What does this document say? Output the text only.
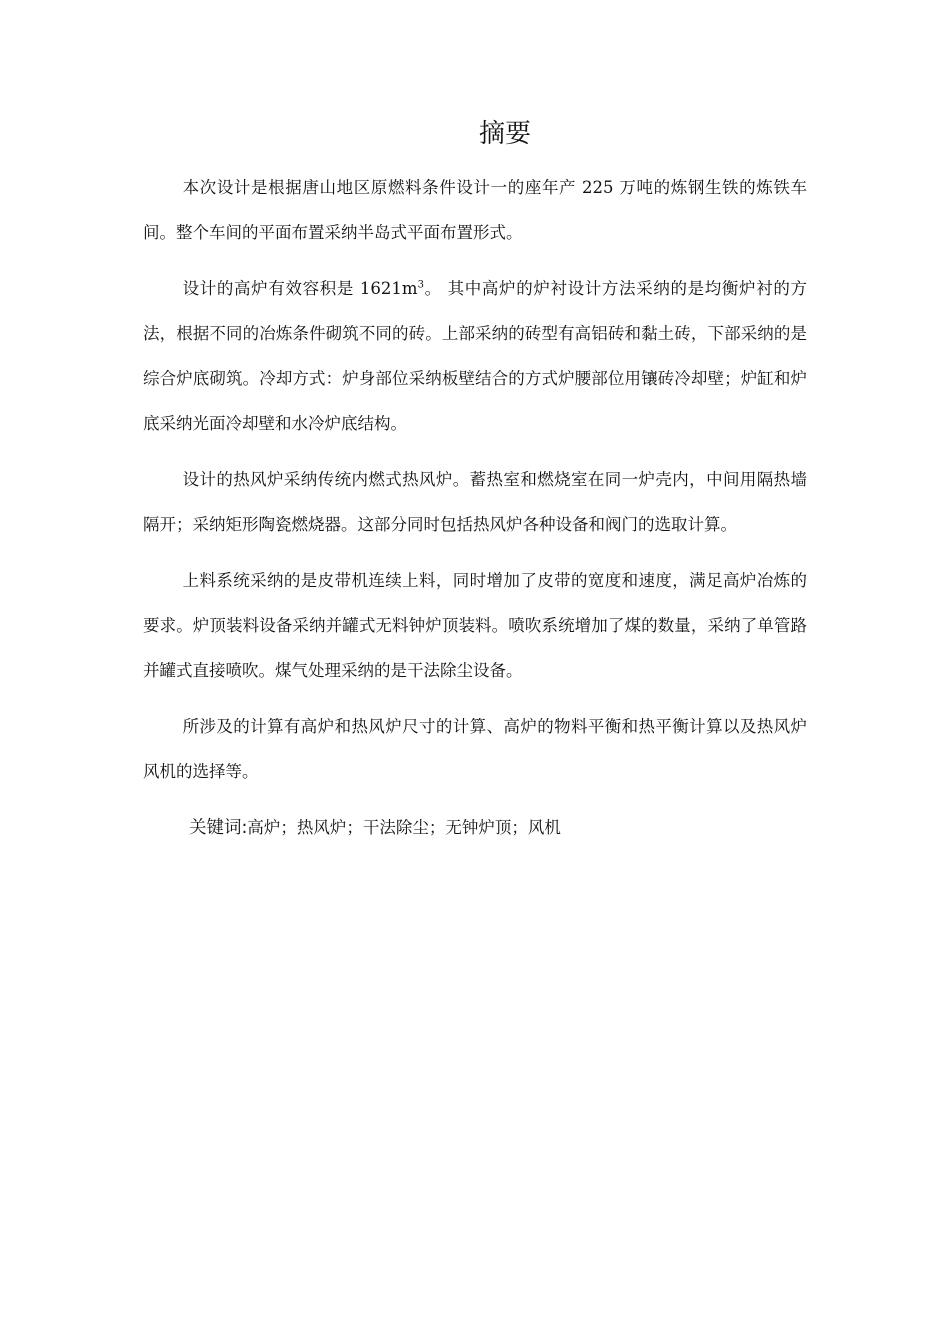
摘要

本次设计是根据唐山地区原燃料条件设计一的座年产 225 万吨的炼钢生铁的炼铁车间。整个车间的平面布置采纳半岛式平面布置形式。

设计的高炉有效容积是 $1621m^3$。 其中高炉的炉衬设计方法采纳的是均衡炉衬的方法，根据不同的冶炼条件砌筑不同的砖。上部采纳的砖型有高铝砖和黏土砖，下部采纳的是综合炉底砌筑。冷却方式：炉身部位采纳板壁结合的方式炉腰部位用镶砖冷却壁；炉缸和炉底采纳光面冷却壁和水冷炉底结构。

设计的热风炉采纳传统内燃式热风炉。蓄热室和燃烧室在同一炉壳内，中间用隔热墙隔开；采纳矩形陶瓷燃烧器。这部分同时包括热风炉各种设备和阀门的选取计算。

上料系统采纳的是皮带机连续上料，同时增加了皮带的宽度和速度，满足高炉冶炼的要求。炉顶装料设备采纳并罐式无料钟炉顶装料。喷吹系统增加了煤的数量，采纳了单管路并罐式直接喷吹。煤气处理采纳的是干法除尘设备。

所涉及的计算有高炉和热风炉尺寸的计算、高炉的物料平衡和热平衡计算以及热风炉风机的选择等。

关键词:高炉；热风炉；干法除尘；无钟炉顶；风机
